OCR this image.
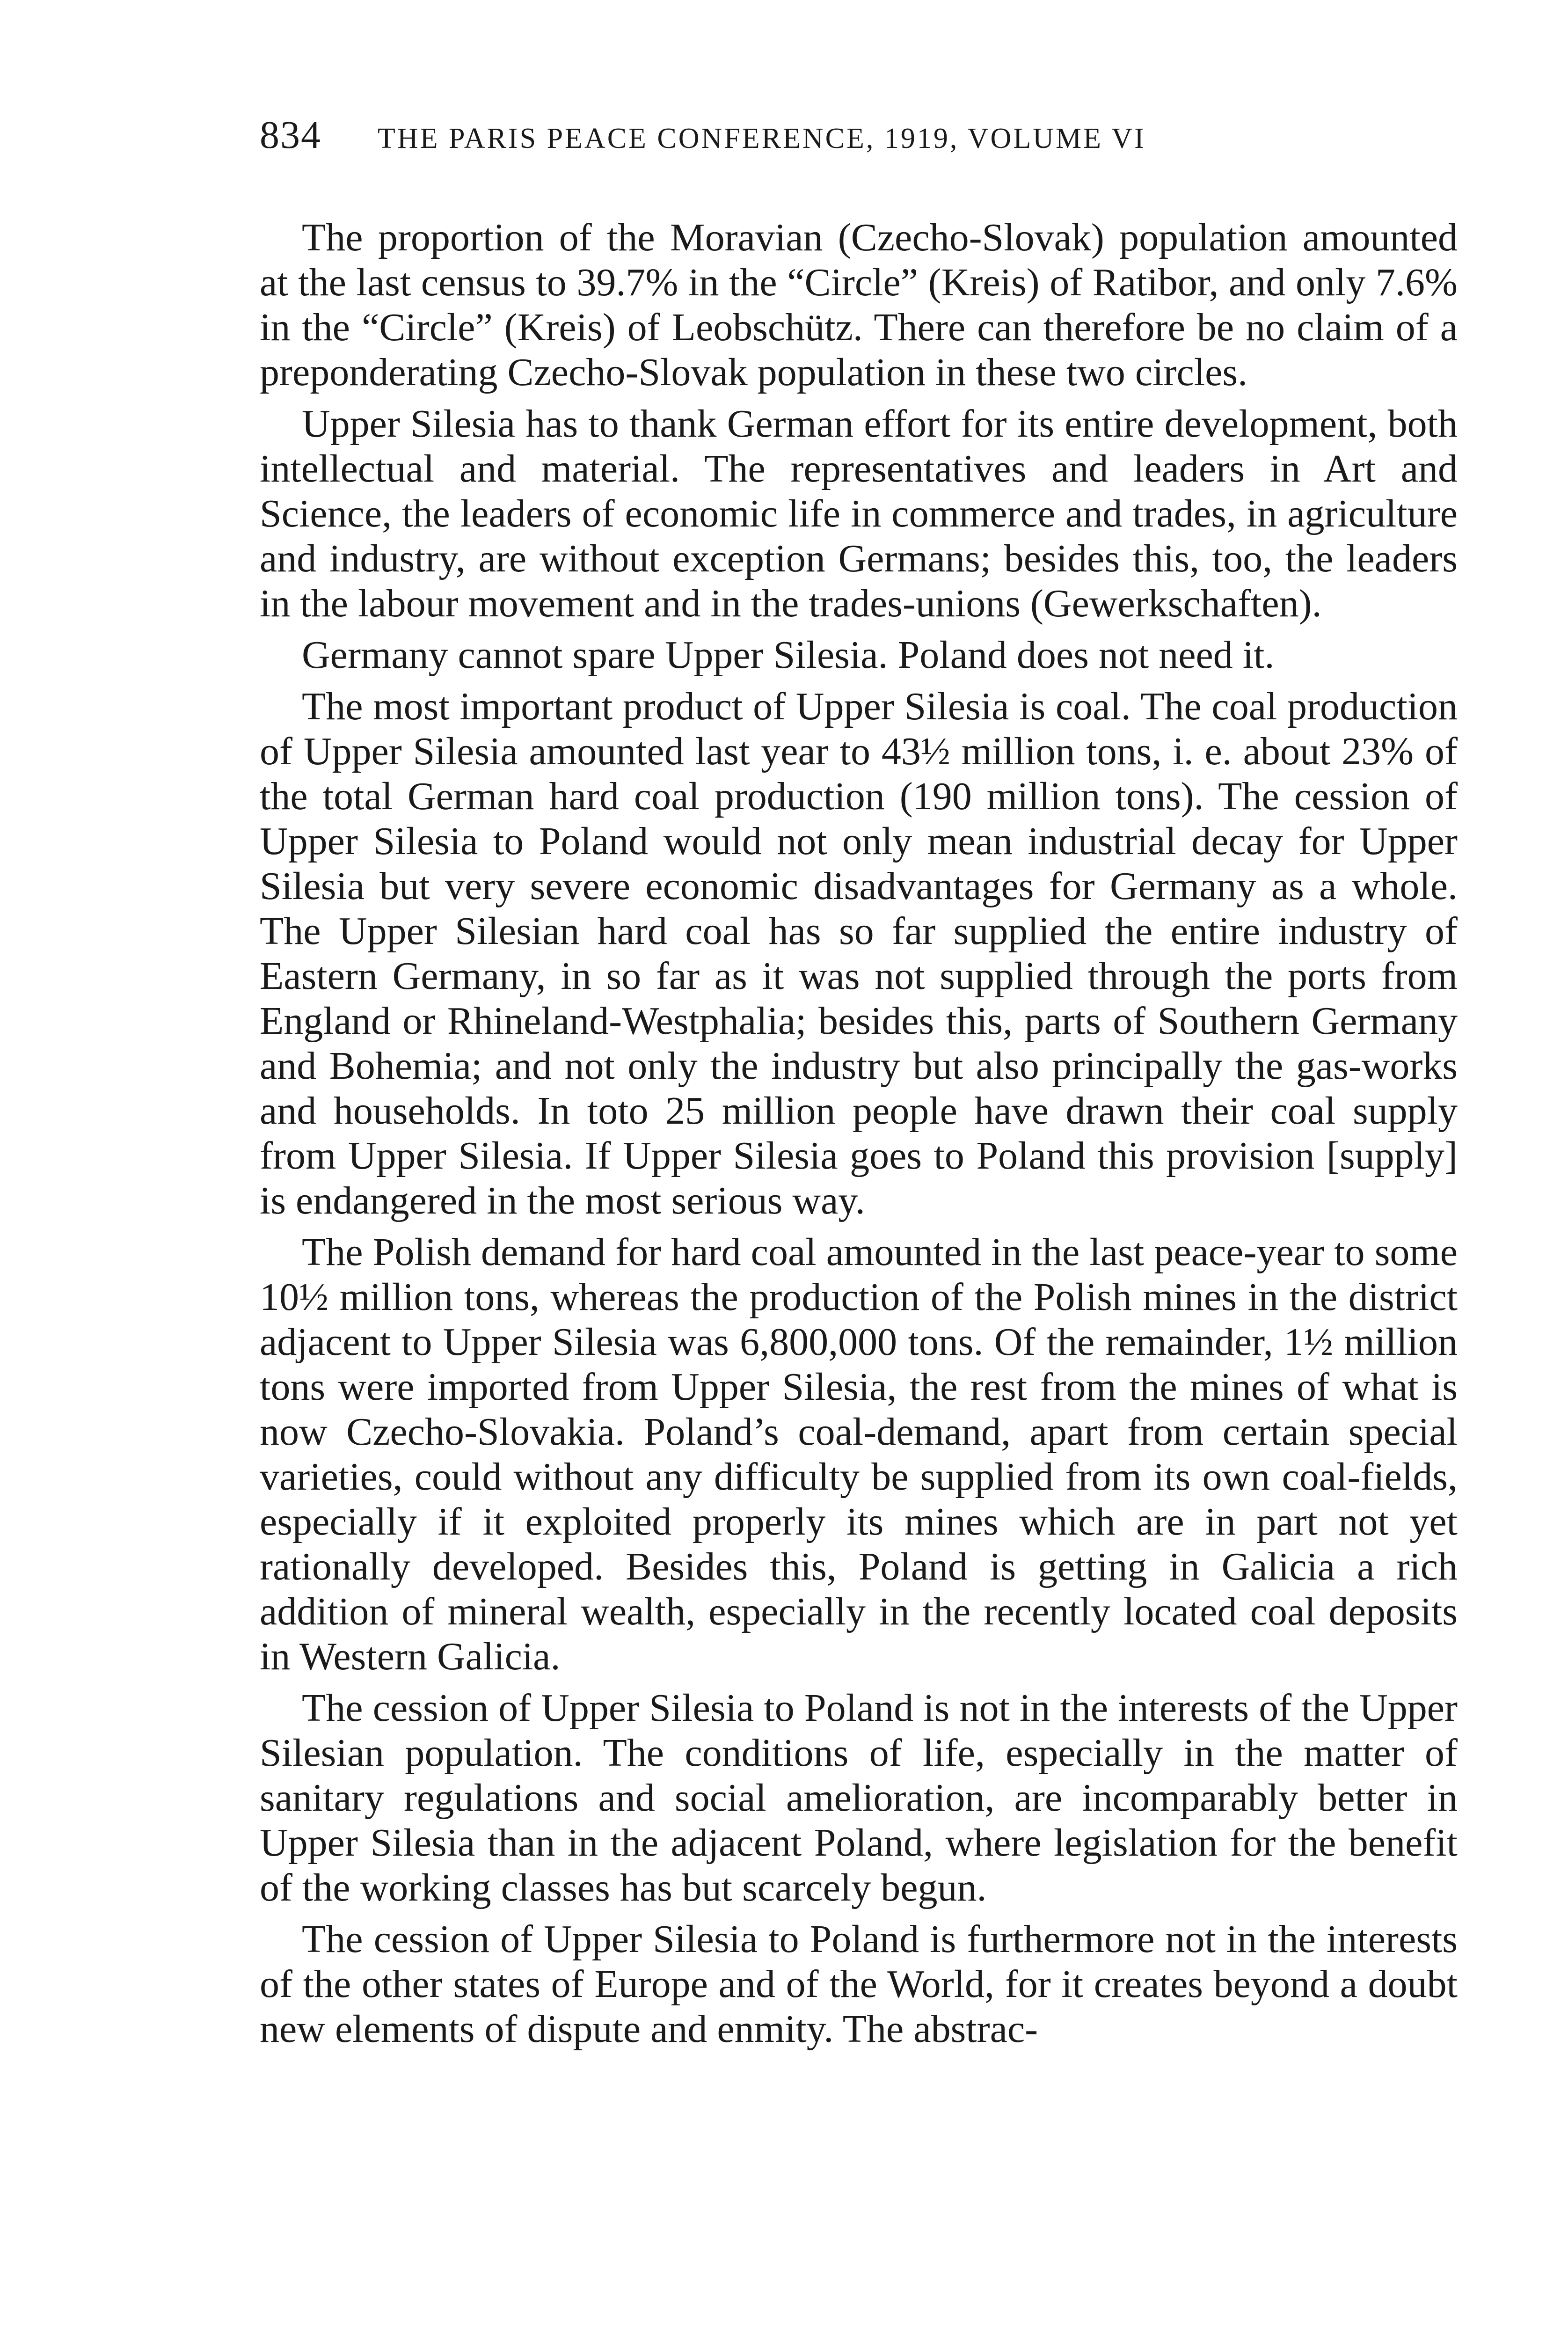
834 THE PARIS PEACE CONFERENCE, 1919, VOLUME VI

The proportion of the Moravian (Czecho-Slovak) population amounted at the last census to 39.7% in the “Circle” (Kreis) of Ratibor, and only 7.6% in the “Circle” (Kreis) of Leobschütz. There can therefore be no claim of a preponderating Czecho-Slovak population in these two circles.

Upper Silesia has to thank German effort for its entire development, both intellectual and material. The representatives and leaders in Art and Science, the leaders of economic life in commerce and trades, in agriculture and industry, are without exception Germans; besides this, too, the leaders in the labour movement and in the trades-unions (Gewerkschaften).

Germany cannot spare Upper Silesia. Poland does not need it.

The most important product of Upper Silesia is coal. The coal production of Upper Silesia amounted last year to 43½ million tons, i. e. about 23% of the total German hard coal production (190 million tons). The cession of Upper Silesia to Poland would not only mean industrial decay for Upper Silesia but very severe economic disadvantages for Germany as a whole. The Upper Silesian hard coal has so far supplied the entire industry of Eastern Germany, in so far as it was not supplied through the ports from England or Rhineland-Westphalia; besides this, parts of Southern Germany and Bohemia; and not only the industry but also principally the gas-works and households. In toto 25 million people have drawn their coal supply from Upper Silesia. If Upper Silesia goes to Poland this provision [supply] is endangered in the most serious way.

The Polish demand for hard coal amounted in the last peace-year to some 10½ million tons, whereas the production of the Polish mines in the district adjacent to Upper Silesia was 6,800,000 tons. Of the remainder, 1½ million tons were imported from Upper Silesia, the rest from the mines of what is now Czecho-Slovakia. Poland’s coal-demand, apart from certain special varieties, could without any difficulty be supplied from its own coal-fields, especially if it exploited properly its mines which are in part not yet rationally developed. Besides this, Poland is getting in Galicia a rich addition of mineral wealth, especially in the recently located coal deposits in Western Galicia.

The cession of Upper Silesia to Poland is not in the interests of the Upper Silesian population. The conditions of life, especially in the matter of sanitary regulations and social amelioration, are incomparably better in Upper Silesia than in the adjacent Poland, where legislation for the benefit of the working classes has but scarcely begun.

The cession of Upper Silesia to Poland is furthermore not in the interests of the other states of Europe and of the World, for it creates beyond a doubt new elements of dispute and enmity. The abstrac-
